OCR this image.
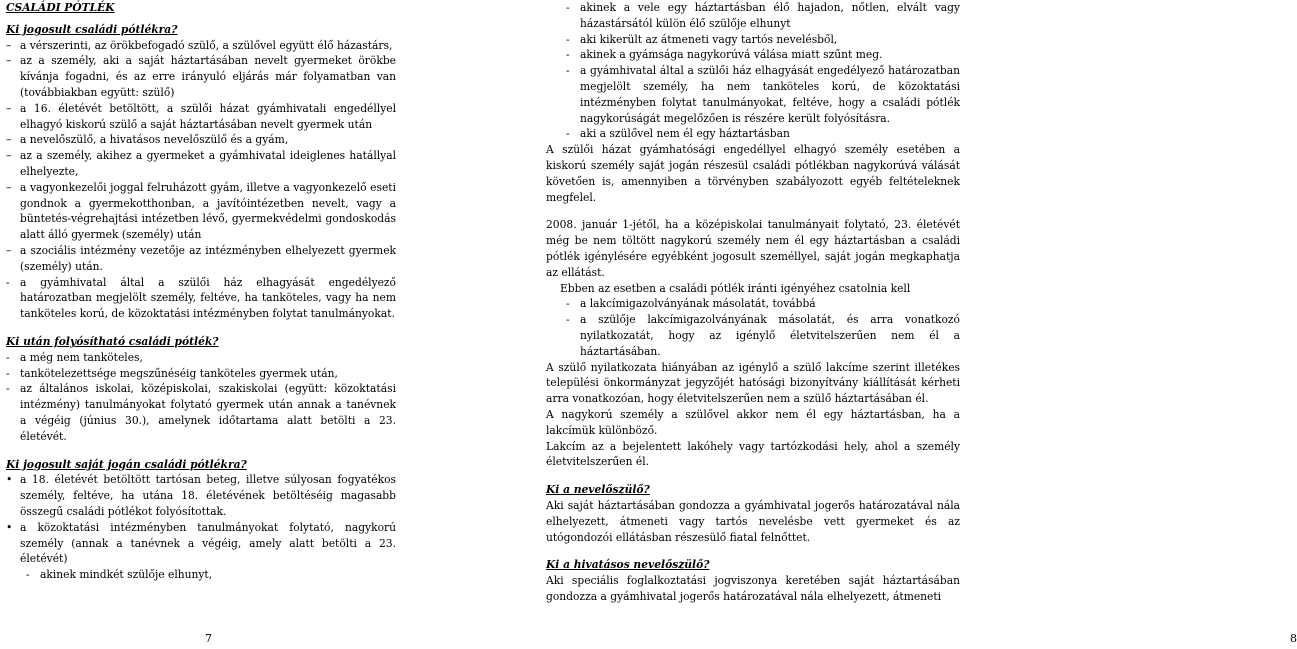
CSALÁDI PÓTLÉK

Ki jogosult családi pótlékra?

– a vérszerinti, az örökbefogadó szülő, a szülővel együtt élő házastárs,

– az a személy, aki a saját háztartásában nevelt gyermeket örökbe kívánja fogadni, és az erre irányuló eljárás már folyamatban van (továbbiakban együtt: szülő)

– a 16. életévét betöltött, a szülői házat gyámhivatali engedéllyel elhagyó kiskorú szülő a saját háztartásában nevelt gyermek után

– a nevelőszülő, a hivatásos nevelőszülő és a gyám,

– az a személy, akihez a gyermeket a gyámhivatal ideiglenes hatállyal elhelyezte,

– a vagyonkezelői joggal felruházott gyám, illetve a vagyonkezelő eseti gondnok a gyermekotthonban, a javítóintézetben nevelt, vagy a büntetés-végrehajtási intézetben lévő, gyermekvédelmi gondoskodás alatt álló gyermek (személy) után

– a szociális intézmény vezetője az intézményben elhelyezett gyermek (személy) után.

- a gyámhivatal által a szülői ház elhagyását engedélyező határozatban megjelölt személy, feltéve, ha tanköteles, vagy ha nem tanköteles korú, de közoktatási intézményben folytat tanulmányokat.

Ki után folyósítható családi pótlék?

- a még nem tanköteles,

- tankötelezettsége megszűnéséig tanköteles gyermek után,

- az általános iskolai, középiskolai, szakiskolai (együtt: közoktatási intézmény) tanulmányokat folytató gyermek után annak a tanévnek a végéig (június 30.), amelynek időtartama alatt betölti a 23. életévét.

Ki jogosult saját jogán családi pótlékra?

• a 18. életévét betöltött tartósan beteg, illetve súlyosan fogyatékos személy, feltéve, ha utána 18. életévének betöltéséig magasabb összegű családi pótlékot folyósítottak.

• a közoktatási intézményben tanulmányokat folytató, nagykorú személy (annak a tanévnek a végéig, amely alatt betölti a 23. életévét)

- akinek mindkét szülője elhunyt,

7

- akinek a vele egy háztartásban élő hajadon, nőtlen, elvált vagy házastársától külön élő szülője elhunyt

- aki kikerült az átmeneti vagy tartós nevelésből,

- akinek a gyámsága nagykorúvá válása miatt szűnt meg.

- a gyámhivatal által a szülői ház elhagyását engedélyező határozatban megjelölt személy, ha nem tanköteles korú, de közoktatási intézményben folytat tanulmányokat, feltéve, hogy a családi pótlék nagykorúságát megelőzően is részére került folyósításra.

- aki a szülővel nem él egy háztartásban

A szülői házat gyámhatósági engedéllyel elhagyó személy esetében a kiskorú személy saját jogán részesül családi pótlékban nagykorúvá válását követően is, amennyiben a törvényben szabályozott egyéb feltételeknek megfelel.

2008. január 1-jétől, ha a középiskolai tanulmányait folytató, 23. életévét még be nem töltött nagykorú személy nem él egy háztartásban a családi pótlék igénylésére egyébként jogosult személlyel, saját jogán megkaphatja az ellátást.

Ebben az esetben a családi pótlék iránti igényéhez csatolnia kell

- a lakcímigazolványának másolatát, továbbá

- a szülője lakcímigazolványának másolatát, és arra vonatkozó nyilatkozatát, hogy az igénylő életvitelszerűen nem él a háztartásában.

A szülő nyilatkozata hiányában az igénylő a szülő lakcíme szerint illetékes települési önkormányzat jegyzőjét hatósági bizonyítvány kiállítását kérheti arra vonatkozóan, hogy életvitelszerűen nem a szülő háztartásában él.

A nagykorú személy a szülővel akkor nem él egy háztartásban, ha a lakcímük különböző.

Lakcím az a bejelentett lakóhely vagy tartózkodási hely, ahol a személy életvitelszerűen él.

Ki a nevelőszülő?

Aki saját háztartásában gondozza a gyámhivatal jogerős határozatával nála elhelyezett, átmeneti vagy tartós nevelésbe vett gyermeket és az utógondozói ellátásban részesülő fiatal felnőttet.

Ki a hivatásos nevelőszülő?

Aki speciális foglalkoztatási jogviszonya keretében saját háztartásában gondozza a gyámhivatal jogerős határozatával nála elhelyezett, átmeneti

8
